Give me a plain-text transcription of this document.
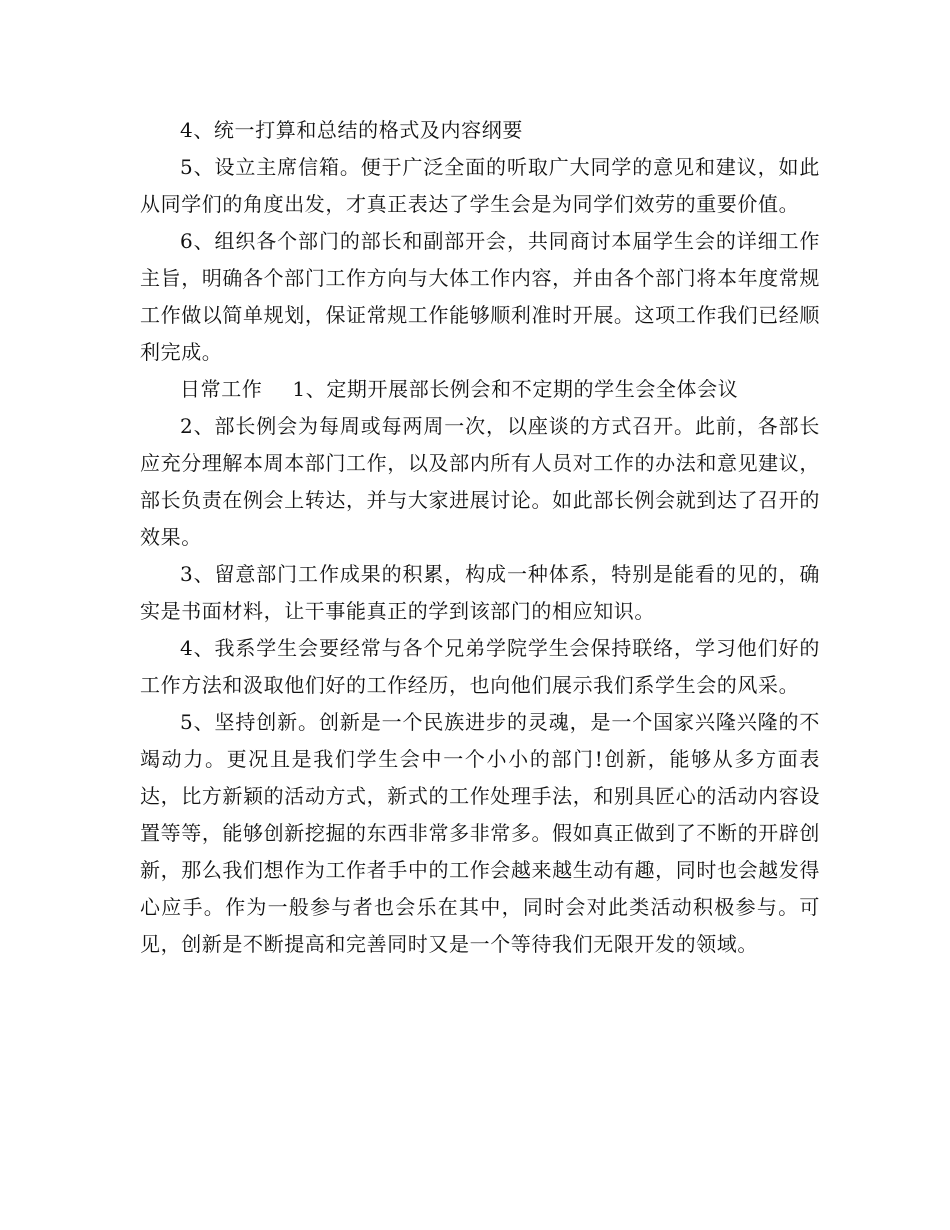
4、统一打算和总结的格式及内容纲要

5、设立主席信箱。便于广泛全面的听取广大同学的意见和建议，如此从同学们的角度出发，才真正表达了学生会是为同学们效劳的重要价值。

6、组织各个部门的部长和副部开会，共同商讨本届学生会的详细工作主旨，明确各个部门工作方向与大体工作内容，并由各个部门将本年度常规工作做以简单规划，保证常规工作能够顺利准时开展。这项工作我们已经顺利完成。

日常工作 1、定期开展部长例会和不定期的学生会全体会议

2、部长例会为每周或每两周一次，以座谈的方式召开。此前，各部长应充分理解本周本部门工作，以及部内所有人员对工作的办法和意见建议，部长负责在例会上转达，并与大家进展讨论。如此部长例会就到达了召开的效果。

3、留意部门工作成果的积累，构成一种体系，特别是能看的见的，确实是书面材料，让干事能真正的学到该部门的相应知识。

4、我系学生会要经常与各个兄弟学院学生会保持联络，学习他们好的工作方法和汲取他们好的工作经历，也向他们展示我们系学生会的风采。

5、坚持创新。创新是一个民族进步的灵魂，是一个国家兴隆兴隆的不竭动力。更况且是我们学生会中一个小小的部门!创新，能够从多方面表达，比方新颖的活动方式，新式的工作处理手法，和别具匠心的活动内容设置等等，能够创新挖掘的东西非常多非常多。假如真正做到了不断的开辟创新，那么我们想作为工作者手中的工作会越来越生动有趣，同时也会越发得心应手。作为一般参与者也会乐在其中，同时会对此类活动积极参与。可见，创新是不断提高和完善同时又是一个等待我们无限开发的领域。
